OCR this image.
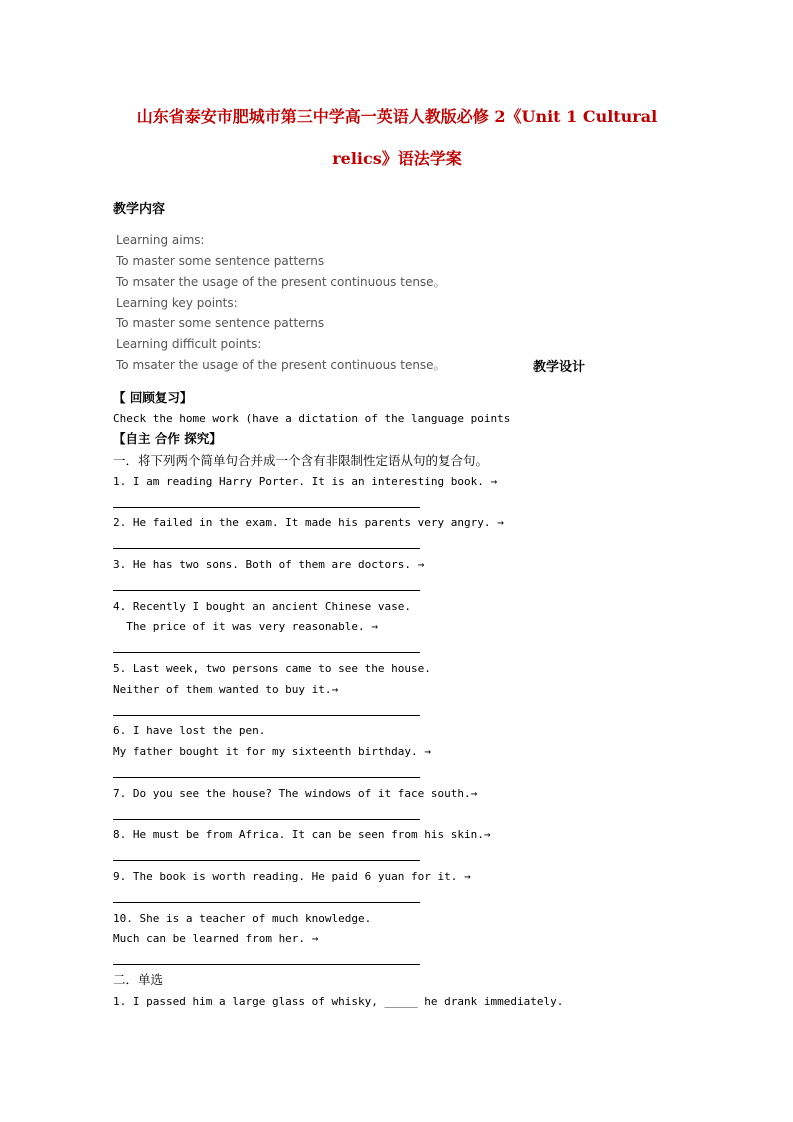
山东省泰安市肥城市第三中学高一英语人教版必修 2《Unit 1 Cultural
relics》语法学案
教学内容
Learning aims:
To master some sentence patterns
To msater the usage of the present continuous tense。
Learning key points:
To master some sentence patterns
Learning difficult points:
To msater the usage of the present continuous tense。	教学设计
【 回顾复习】
Check the home work (have a dictation of the language points
【自主 合作 探究】
一．将下列两个简单句合并成一个含有非限制性定语从句的复合句。
1. I am reading Harry Porter. It is an interesting book. →
2. He failed in the exam. It made his parents very angry. →
3. He has two sons. Both of them are doctors. →
4. Recently I bought an ancient Chinese vase.
The price of it was very reasonable. →
5. Last week, two persons came to see the house.
Neither of them wanted to buy it.→
6. I have lost the pen.
My father bought it for my sixteenth birthday. →
7. Do you see the house? The windows of it face south.→
8. He must be from Africa. It can be seen from his skin.→
9. The book is worth reading. He paid 6 yuan for it. →
10. She is a teacher of much knowledge.
Much can be learned from her. →
二．单选
1. I passed him a large glass of whisky, _____ he drank immediately.
